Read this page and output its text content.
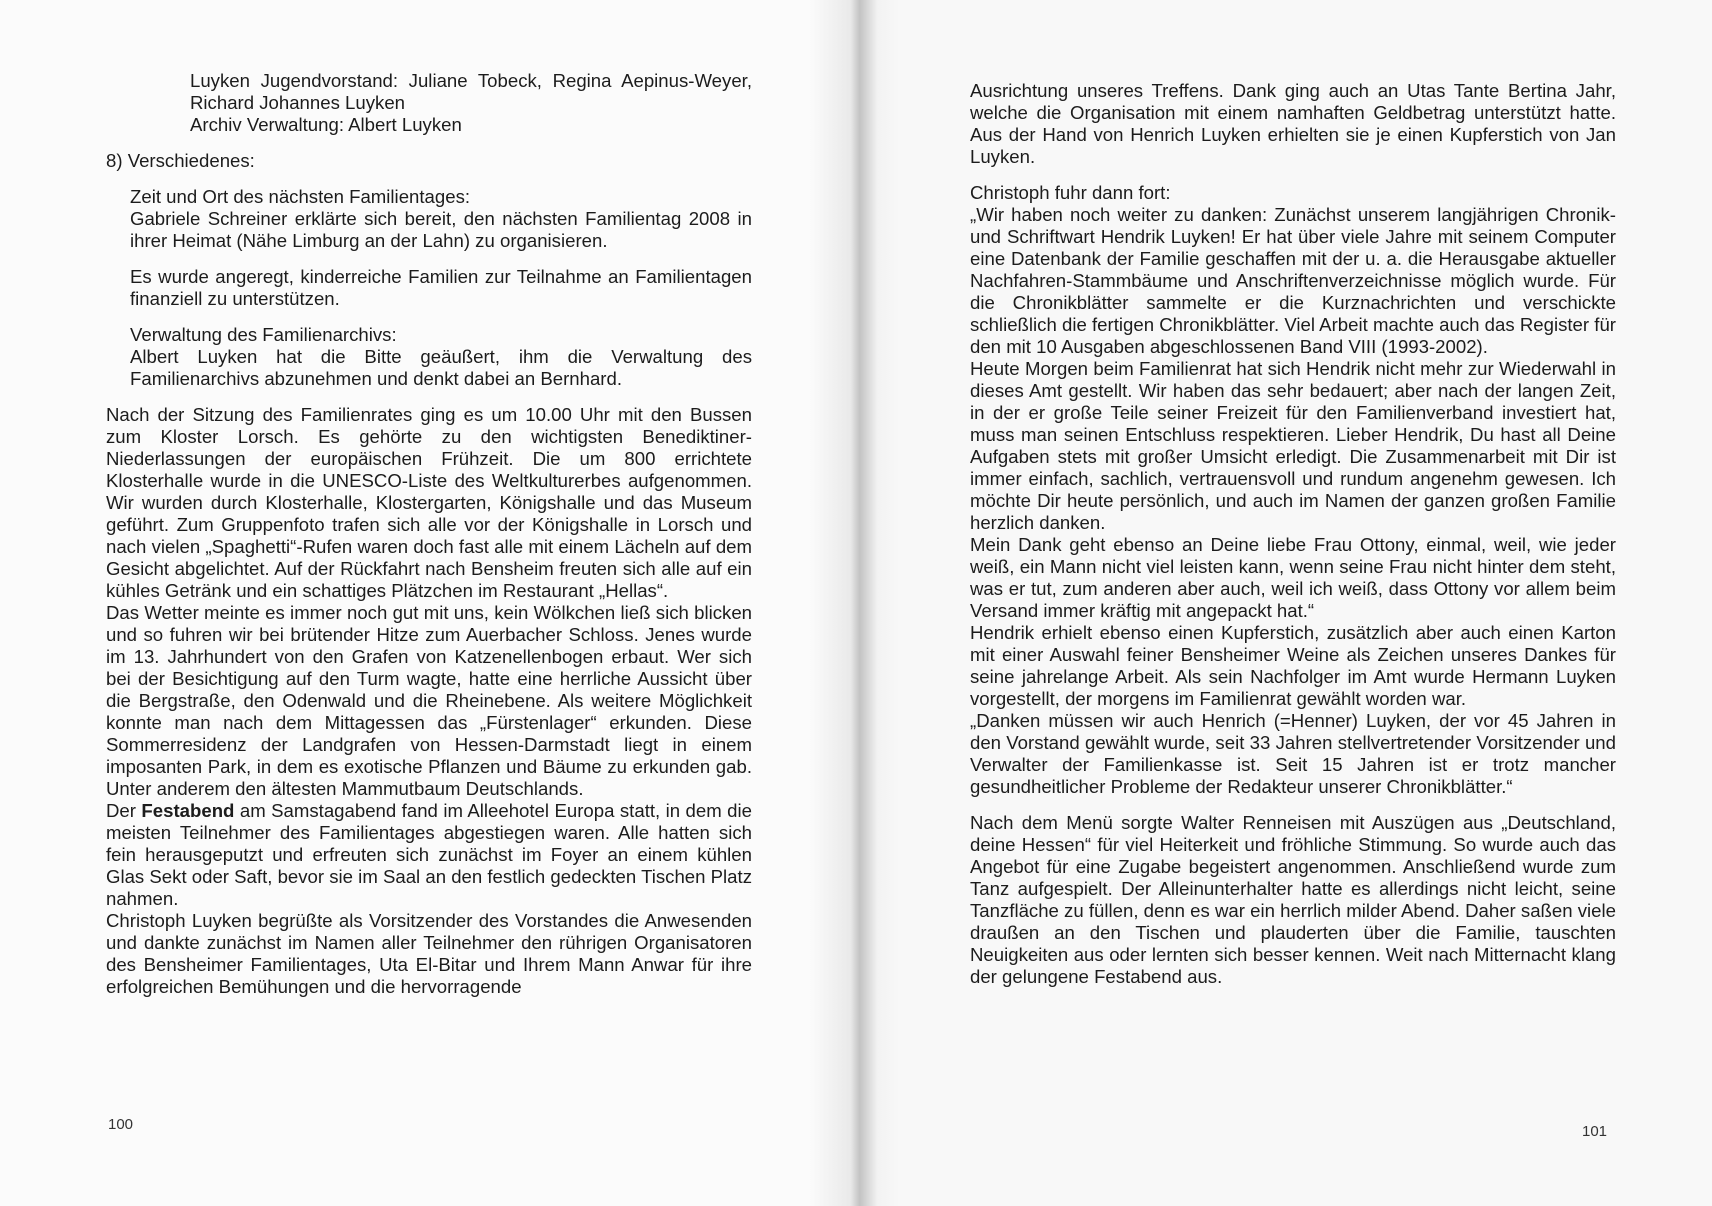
Luyken Jugendvorstand: Juliane Tobeck, Regina Aepinus-Weyer, Richard Johannes Luyken

Archiv Verwaltung: Albert Luyken

8) Verschiedenes:

Zeit und Ort des nächsten Familientages:

Gabriele Schreiner erklärte sich bereit, den nächsten Familientag 2008 in ihrer Heimat (Nähe Limburg an der Lahn) zu organisieren.

Es wurde angeregt, kinderreiche Familien zur Teilnahme an Familientagen finanziell zu unterstützen.

Verwaltung des Familienarchivs:

Albert Luyken hat die Bitte geäußert, ihm die Verwaltung des Familienarchivs abzunehmen und denkt dabei an Bernhard.

Nach der Sitzung des Familienrates ging es um 10.00 Uhr mit den Bussen zum Kloster Lorsch. Es gehörte zu den wichtigsten Benediktiner-Niederlassungen der europäischen Frühzeit. Die um 800 errichtete Klosterhalle wurde in die UNESCO-Liste des Weltkulturerbes aufgenommen. Wir wurden durch Klosterhalle, Klostergarten, Königshalle und das Museum geführt. Zum Gruppenfoto trafen sich alle vor der Königshalle in Lorsch und nach vielen „Spaghetti“-Rufen waren doch fast alle mit einem Lächeln auf dem Gesicht abgelichtet. Auf der Rückfahrt nach Bensheim freuten sich alle auf ein kühles Getränk und ein schattiges Plätzchen im Restaurant „Hellas“.

Das Wetter meinte es immer noch gut mit uns, kein Wölkchen ließ sich blicken und so fuhren wir bei brütender Hitze zum Auerbacher Schloss. Jenes wurde im 13. Jahrhundert von den Grafen von Katzenellenbogen erbaut. Wer sich bei der Besichtigung auf den Turm wagte, hatte eine herrliche Aussicht über die Bergstraße, den Odenwald und die Rheinebene. Als weitere Möglichkeit konnte man nach dem Mittagessen das „Fürstenlager“ erkunden. Diese Sommerresidenz der Landgrafen von Hessen-Darmstadt liegt in einem imposanten Park, in dem es exotische Pflanzen und Bäume zu erkunden gab. Unter anderem den ältesten Mammutbaum Deutschlands.

Der Festabend am Samstagabend fand im Alleehotel Europa statt, in dem die meisten Teilnehmer des Familientages abgestiegen waren. Alle hatten sich fein herausgeputzt und erfreuten sich zunächst im Foyer an einem kühlen Glas Sekt oder Saft, bevor sie im Saal an den festlich gedeckten Tischen Platz nahmen.

Christoph Luyken begrüßte als Vorsitzender des Vorstandes die Anwesenden und dankte zunächst im Namen aller Teilnehmer den rührigen Organisatoren des Bensheimer Familientages, Uta El-Bitar und Ihrem Mann Anwar für ihre erfolgreichen Bemühungen und die hervorragende

100

Ausrichtung unseres Treffens. Dank ging auch an Utas Tante Bertina Jahr, welche die Organisation mit einem namhaften Geldbetrag unterstützt hatte. Aus der Hand von Henrich Luyken erhielten sie je einen Kupferstich von Jan Luyken.

Christoph fuhr dann fort:

„Wir haben noch weiter zu danken: Zunächst unserem langjährigen Chronik- und Schriftwart Hendrik Luyken! Er hat über viele Jahre mit seinem Computer eine Datenbank der Familie geschaffen mit der u. a. die Herausgabe aktueller Nachfahren-Stammbäume und Anschriftenverzeichnisse möglich wurde. Für die Chronikblätter sammelte er die Kurznachrichten und verschickte schließlich die fertigen Chronikblätter. Viel Arbeit machte auch das Register für den mit 10 Ausgaben abgeschlossenen Band VIII (1993-2002).

Heute Morgen beim Familienrat hat sich Hendrik nicht mehr zur Wiederwahl in dieses Amt gestellt. Wir haben das sehr bedauert; aber nach der langen Zeit, in der er große Teile seiner Freizeit für den Familienverband investiert hat, muss man seinen Entschluss respektieren. Lieber Hendrik, Du hast all Deine Aufgaben stets mit großer Umsicht erledigt. Die Zusammenarbeit mit Dir ist immer einfach, sachlich, vertrauensvoll und rundum angenehm gewesen. Ich möchte Dir heute persönlich, und auch im Namen der ganzen großen Familie herzlich danken.

Mein Dank geht ebenso an Deine liebe Frau Ottony, einmal, weil, wie jeder weiß, ein Mann nicht viel leisten kann, wenn seine Frau nicht hinter dem steht, was er tut, zum anderen aber auch, weil ich weiß, dass Ottony vor allem beim Versand immer kräftig mit angepackt hat.“

Hendrik erhielt ebenso einen Kupferstich, zusätzlich aber auch einen Karton mit einer Auswahl feiner Bensheimer Weine als Zeichen unseres Dankes für seine jahrelange Arbeit. Als sein Nachfolger im Amt wurde Hermann Luyken vorgestellt, der morgens im Familienrat gewählt worden war.

„Danken müssen wir auch Henrich (=Henner) Luyken, der vor 45 Jahren in den Vorstand gewählt wurde, seit 33 Jahren stellvertretender Vorsitzender und Verwalter der Familienkasse ist. Seit 15 Jahren ist er trotz mancher gesundheitlicher Probleme der Redakteur unserer Chronikblätter.“

Nach dem Menü sorgte Walter Renneisen mit Auszügen aus „Deutschland, deine Hessen“ für viel Heiterkeit und fröhliche Stimmung. So wurde auch das Angebot für eine Zugabe begeistert angenommen. Anschließend wurde zum Tanz aufgespielt. Der Alleinunterhalter hatte es allerdings nicht leicht, seine Tanzfläche zu füllen, denn es war ein herrlich milder Abend. Daher saßen viele draußen an den Tischen und plauderten über die Familie, tauschten Neuigkeiten aus oder lernten sich besser kennen. Weit nach Mitternacht klang der gelungene Festabend aus.

101
